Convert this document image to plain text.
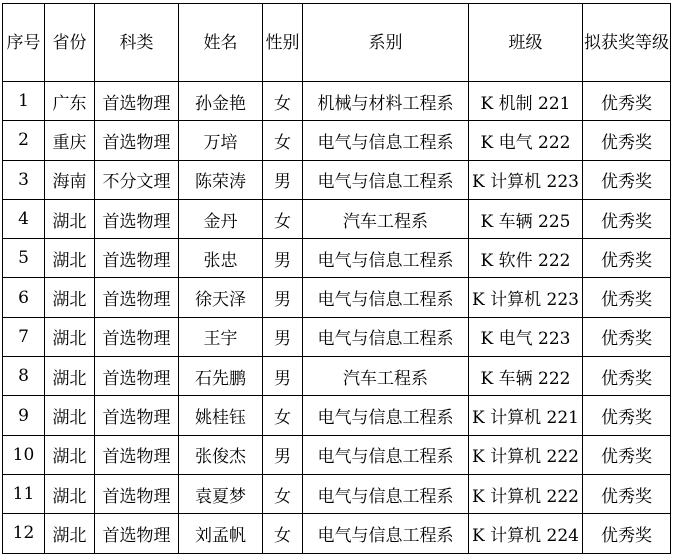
序号	省份	科类	姓名	性别	系别	班级	拟获奖等级
1	广东	首选物理	孙金艳	女	机械与材料工程系	K 机制 221	优秀奖
2	重庆	首选物理	万培	女	电气与信息工程系	K 电气 222	优秀奖
3	海南	不分文理	陈荣涛	男	电气与信息工程系	K 计算机 223	优秀奖
4	湖北	首选物理	金丹	女	汽车工程系	K 车辆 225	优秀奖
5	湖北	首选物理	张忠	男	电气与信息工程系	K 软件 222	优秀奖
6	湖北	首选物理	徐天泽	男	电气与信息工程系	K 计算机 223	优秀奖
7	湖北	首选物理	王宇	男	电气与信息工程系	K 电气 223	优秀奖
8	湖北	首选物理	石先鹏	男	汽车工程系	K 车辆 222	优秀奖
9	湖北	首选物理	姚桂钰	女	电气与信息工程系	K 计算机 221	优秀奖
10	湖北	首选物理	张俊杰	男	电气与信息工程系	K 计算机 222	优秀奖
11	湖北	首选物理	袁夏梦	女	电气与信息工程系	K 计算机 222	优秀奖
12	湖北	首选物理	刘孟帆	女	电气与信息工程系	K 计算机 224	优秀奖
